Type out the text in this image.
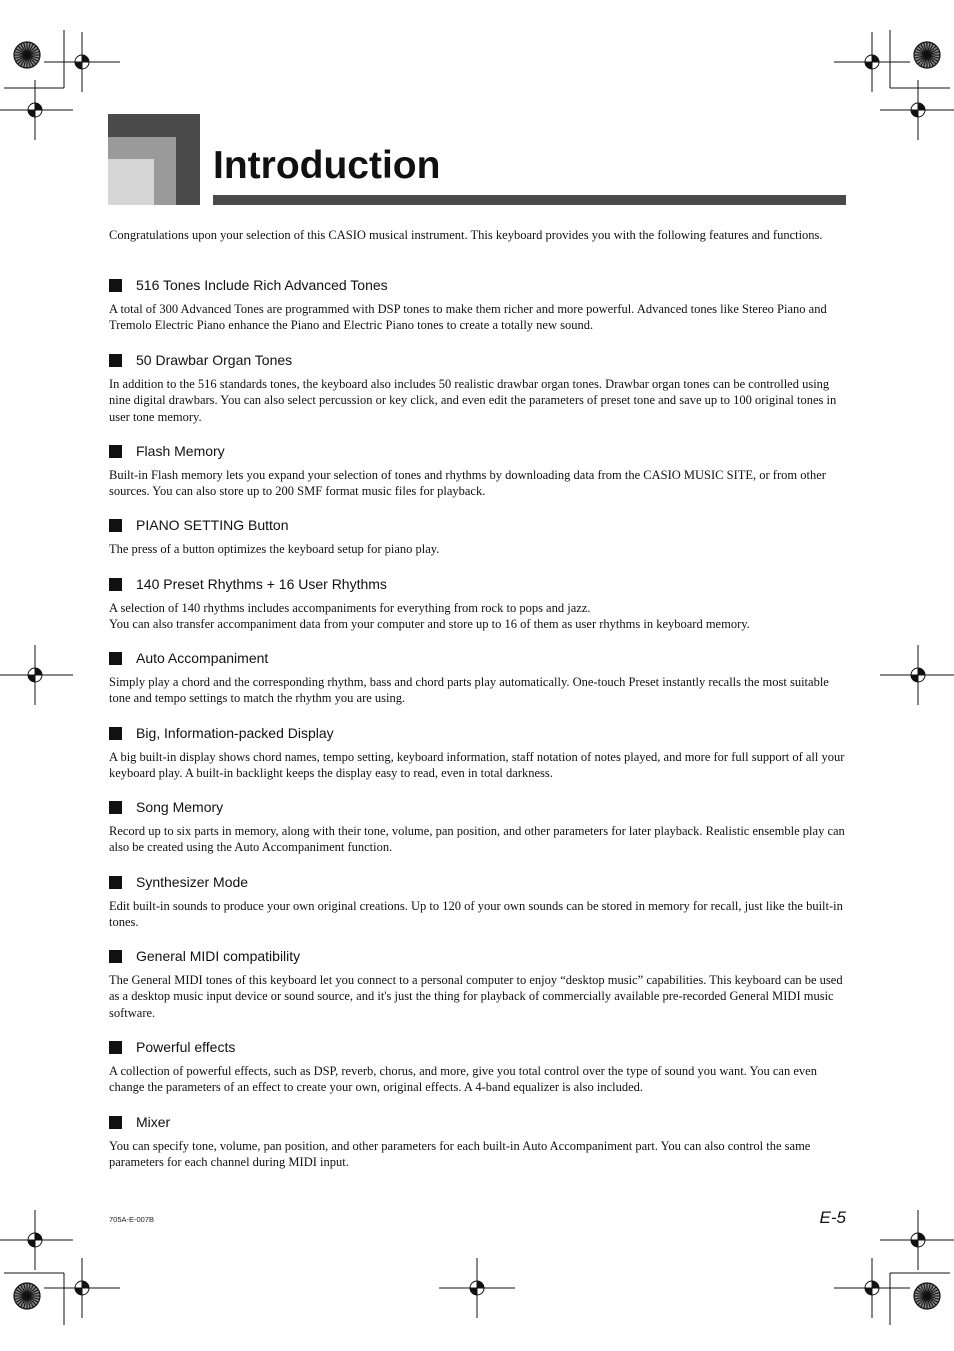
Introduction

Congratulations upon your selection of this CASIO musical instrument. This keyboard provides you with the following features and functions.

516 Tones Include Rich Advanced Tones

A total of 300 Advanced Tones are programmed with DSP tones to make them richer and more powerful. Advanced tones like Stereo Piano and Tremolo Electric Piano enhance the Piano and Electric Piano tones to create a totally new sound.

50 Drawbar Organ Tones

In addition to the 516 standards tones, the keyboard also includes 50 realistic drawbar organ tones. Drawbar organ tones can be controlled using nine digital drawbars. You can also select percussion or key click, and even edit the parameters of preset tone and save up to 100 original tones in user tone memory.

Flash Memory

Built-in Flash memory lets you expand your selection of tones and rhythms by downloading data from the CASIO MUSIC SITE, or from other sources. You can also store up to 200 SMF format music files for playback.

PIANO SETTING Button

The press of a button optimizes the keyboard setup for piano play.

140 Preset Rhythms + 16 User Rhythms

A selection of 140 rhythms includes accompaniments for everything from rock to pops and jazz.

You can also transfer accompaniment data from your computer and store up to 16 of them as user rhythms in keyboard memory.

Auto Accompaniment

Simply play a chord and the corresponding rhythm, bass and chord parts play automatically. One-touch Preset instantly recalls the most suitable tone and tempo settings to match the rhythm you are using.

Big, Information-packed Display

A big built-in display shows chord names, tempo setting, keyboard information, staff notation of notes played, and more for full support of all your keyboard play. A built-in backlight keeps the display easy to read, even in total darkness.

Song Memory

Record up to six parts in memory, along with their tone, volume, pan position, and other parameters for later playback. Realistic ensemble play can also be created using the Auto Accompaniment function.

Synthesizer Mode

Edit built-in sounds to produce your own original creations. Up to 120 of your own sounds can be stored in memory for recall, just like the built-in tones.

General MIDI compatibility

The General MIDI tones of this keyboard let you connect to a personal computer to enjoy “desktop music” capabilities. This keyboard can be used as a desktop music input device or sound source, and it's just the thing for playback of commercially available pre-recorded General MIDI music software.

Powerful effects

A collection of powerful effects, such as DSP, reverb, chorus, and more, give you total control over the type of sound you want. You can even change the parameters of an effect to create your own, original effects. A 4-band equalizer is also included.

Mixer

You can specify tone, volume, pan position, and other parameters for each built-in Auto Accompaniment part. You can also control the same parameters for each channel during MIDI input.

705A-E-007B	E-5
